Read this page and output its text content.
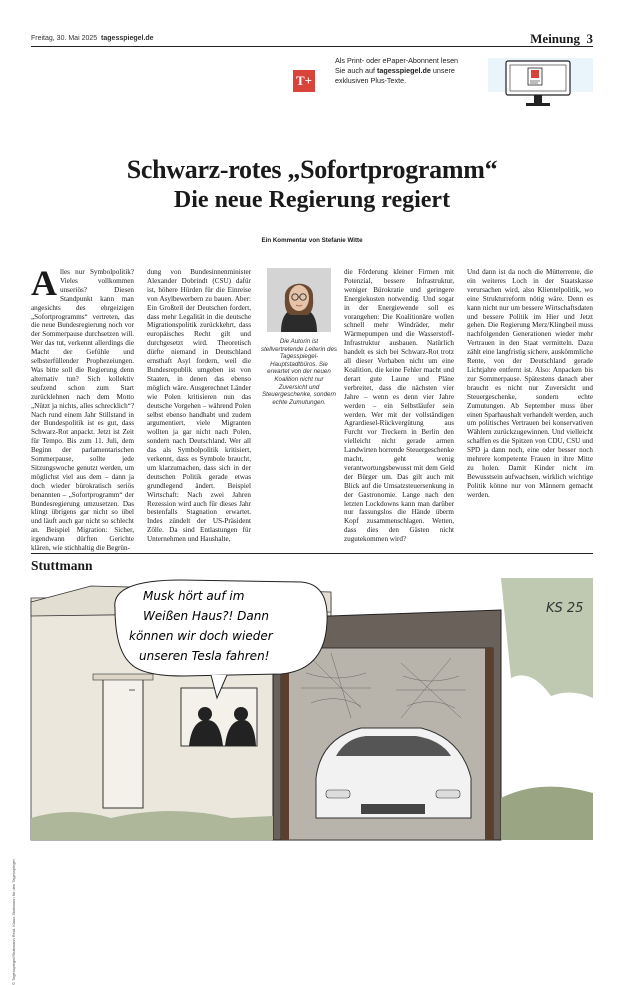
Freitag, 30. Mai 2025 tagesspiegel.de	Meinung 3
T+
Als Print- oder ePaper-Abonnent lesen
Sie auch auf tagesspiegel.de unsere
exklusiven Plus-Texte.
Schwarz-rotes „Sofortprogramm“
Die neue Regierung regiert
Ein Kommentar von Stefanie Witte
Alles nur Symbolpolitik? Vieles vollkommen unseriös? Diesen Standpunkt kann man angesichts des ehrgeizigen „Sofortprogramms“ vertreten, das die neue Bundesregierung noch vor der Sommerpause durchsetzen will. Wer das tut, verkennt allerdings die Macht der Gefühle und selbsterfüllender Prophezeiungen. Was bitte soll die Regierung denn alternativ tun? Sich kollektiv seufzend schon zum Start zurücklehnen nach dem Motto „Nützt ja nichts, alles schrecklich“? Nach rund einem Jahr Stillstand in der Bundespolitik ist es gut, dass Schwarz-Rot anpackt. Jetzt ist Zeit für Tempo. Bis zum 11. Juli, dem Beginn der parlamentarischen Sommerpause, sollte jede Sitzungswoche genutzt werden, um möglichst viel aus dem – dann ja doch wieder bürokratisch seriös benannten – „Sofortprogramm“ der Bundesregierung umzusetzen. Das klingt übrigens gar nicht so übel und läuft auch gar nicht so schlecht an. Beispiel Migration: Sicher, irgendwann dürften Gerichte klären, wie stichhaltig die Begrün-
dung von Bundesinnenminister Alexander Dobrindt (CSU) dafür ist, höhere Hürden für die Einreise von Asylbewerbern zu bauen. Aber: Ein Großteil der Deutschen fordert, dass mehr Legalität in die deutsche Migrationspolitik zurückkehrt, dass europäisches Recht gilt und durchgesetzt wird. Theoretisch dürfte niemand in Deutschland ernsthaft Asyl fordern, weil die Bundesrepublik umgeben ist von Staaten, in denen das ebenso möglich wäre. Ausgerechnet Länder wie Polen kritisieren nun das deutsche Vorgehen – während Polen selbst ebenso handhabt und zudem argumentiert, viele Migranten wollten ja gar nicht nach Polen, sondern nach Deutschland. Wer all das als Symbolpolitik kritisiert, verkennt, dass es Symbole braucht, um klarzumachen, dass sich in der deutschen Politik gerade etwas grundlegend ändert. Beispiel Wirtschaft: Nach zwei Jahren Rezession wird auch für dieses Jahr bestenfalls Stagnation erwartet. Indes zündelt der US-Präsident Zölle. Da sind Entlastungen für Unternehmen und Haushalte,
Die Autorin ist stellvertretende Leiterin des Tagesspiegel-Hauptstadtbüros. Sie erwartet von der neuen Koalition nicht nur Zuversicht und Steuergeschenke, sondern echte Zumutungen.
die Förderung kleiner Firmen mit Potenzial, bessere Infrastruktur, weniger Bürokratie und geringere Energiekosten notwendig. Und sogar in der Energiewende soll es vorangehen: Die Koalitionäre wollen schnell mehr Windräder, mehr Wärmepumpen und die Wasserstoff-Infrastruktur ausbauen. Natürlich handelt es sich bei Schwarz-Rot trotz all dieser Vorhaben nicht um eine Koalition, die keine Fehler macht und derart gute Laune und Pläne verbreitet, dass die nächsten vier Jahre – wenn es denn vier Jahre werden – ein Selbstläufer sein werden. Wer mit der vollständigen Agrardiesel-Rückvergütung aus Furcht vor Treckern in Berlin den vielleicht nicht gerade armen Landwirten horrende Steuergeschenke macht, geht wenig verantwortungsbewusst mit dem Geld der Bürger um. Das gilt auch mit Blick auf die Umsatzsteuersenkung in der Gastronomie. Lange nach den letzten Lockdowns kann man darüber nur fassungslos die Hände überm Kopf zusammenschlagen. Wetten, dass dies den Gästen nicht zugutekommen wird?
Und dann ist da noch die Mütterrente, die ein weiteres Loch in der Staatskasse verursachen wird, also Klientelpolitik, wo eine Strukturreform nötig wäre. Denn es kann nicht nur um bessere Wirtschaftsdaten und bessere Politik im Hier und Jetzt gehen. Die Regierung Merz/Klingbeil muss nachfolgenden Generationen wieder mehr Vertrauen in den Staat vermitteln. Dazu zählt eine langfristig sichere, auskömmliche Rente, von der Deutschland gerade Lichtjahre entfernt ist. Also: Anpacken bis zur Sommerpause. Spätestens danach aber braucht es nicht nur Zuversicht und Steuergeschenke, sondern echte Zumutungen. Ab September muss über einen Sparhaushalt verhandelt werden, auch um politisches Vertrauen bei konservativen Wählern zurückzugewinnen. Und vielleicht schaffen es die Spitzen von CDU, CSU und SPD ja dann noch, eine oder besser noch mehrere kompetente Frauen in ihre Mitte zu holen. Damit Kinder nicht im Bewusstsein aufwachsen, wirklich wichtige Politik könne nur von Männern gemacht werden.
Stuttmann
Musk hört auf im
Weißen Haus?! Dann
können wir doch wieder
unseren Tesla fahren!
KS 25
© Tagesspiegel/Stuttmann Reid. Klaus Stuttmann für den Tagesspiegel
